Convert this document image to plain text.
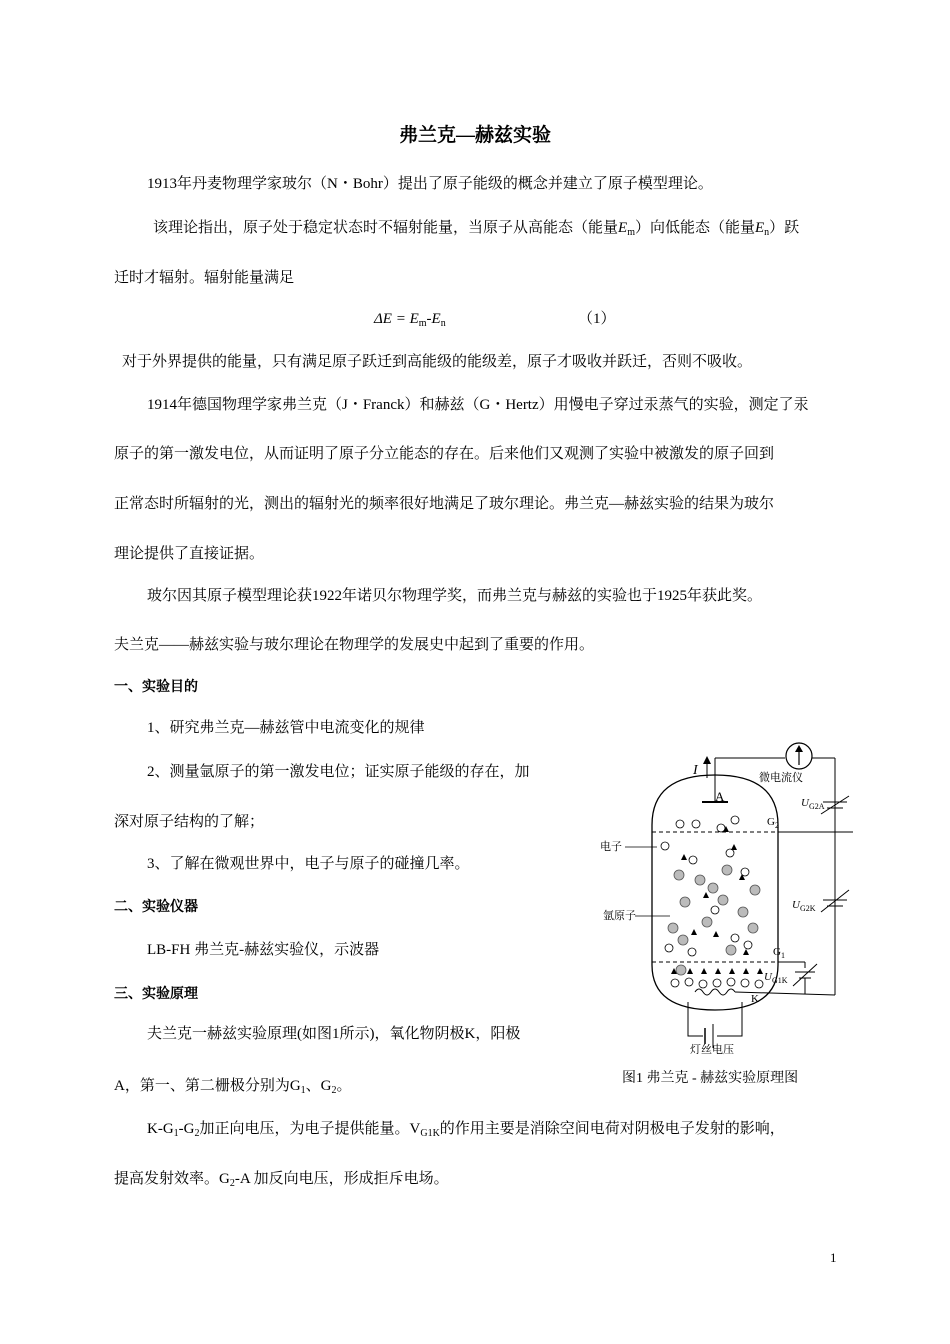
弗兰克—赫兹实验
1913年丹麦物理学家玻尔（N・Bohr）提出了原子能级的概念并建立了原子模型理论。
该理论指出，原子处于稳定状态时不辐射能量，当原子从高能态（能量$E_m$）向低能态（能量$E_n$）跃
迁时才辐射。辐射能量满足
$\Delta E = E_m-E_n$	（1）
对于外界提供的能量，只有满足原子跃迁到高能级的能级差，原子才吸收并跃迁，否则不吸收。
1914年德国物理学家弗兰克（J・Franck）和赫兹（G・Hertz）用慢电子穿过汞蒸气的实验，测定了汞
原子的第一激发电位，从而证明了原子分立能态的存在。后来他们又观测了实验中被激发的原子回到
正常态时所辐射的光，测出的辐射光的频率很好地满足了玻尔理论。弗兰克—赫兹实验的结果为玻尔
理论提供了直接证据。
玻尔因其原子模型理论获1922年诺贝尔物理学奖，而弗兰克与赫兹的实验也于1925年获此奖。
夫兰克——赫兹实验与玻尔理论在物理学的发展史中起到了重要的作用。
一、实验目的
1、研究弗兰克—赫兹管中电流变化的规律
2、测量氩原子的第一激发电位；证实原子能级的存在，加
深对原子结构的了解；
3、了解在微观世界中，电子与原子的碰撞几率。
二、实验仪器
LB-FH 弗兰克-赫兹实验仪，示波器
三、实验原理
夫兰克一赫兹实验原理(如图1所示)，氧化物阴极K，阳极
A，第一、第二栅极分别为$G_1$、$G_2$。
$K-G_1-G_2$加正向电压，为电子提供能量。$V_{G1K}$的作用主要是消除空间电荷对阴极电子发射的影响，
提高发射效率。$G_2-A$ 加反向电压，形成拒斥电场。
I	微电流仪
A	$U_{G2A}$
$G_2$
电子
$U_{G2K}$
氩原子
$G_1$
$U_{G1K}$
K
灯丝电压
图1 弗兰克 - 赫兹实验原理图
1
